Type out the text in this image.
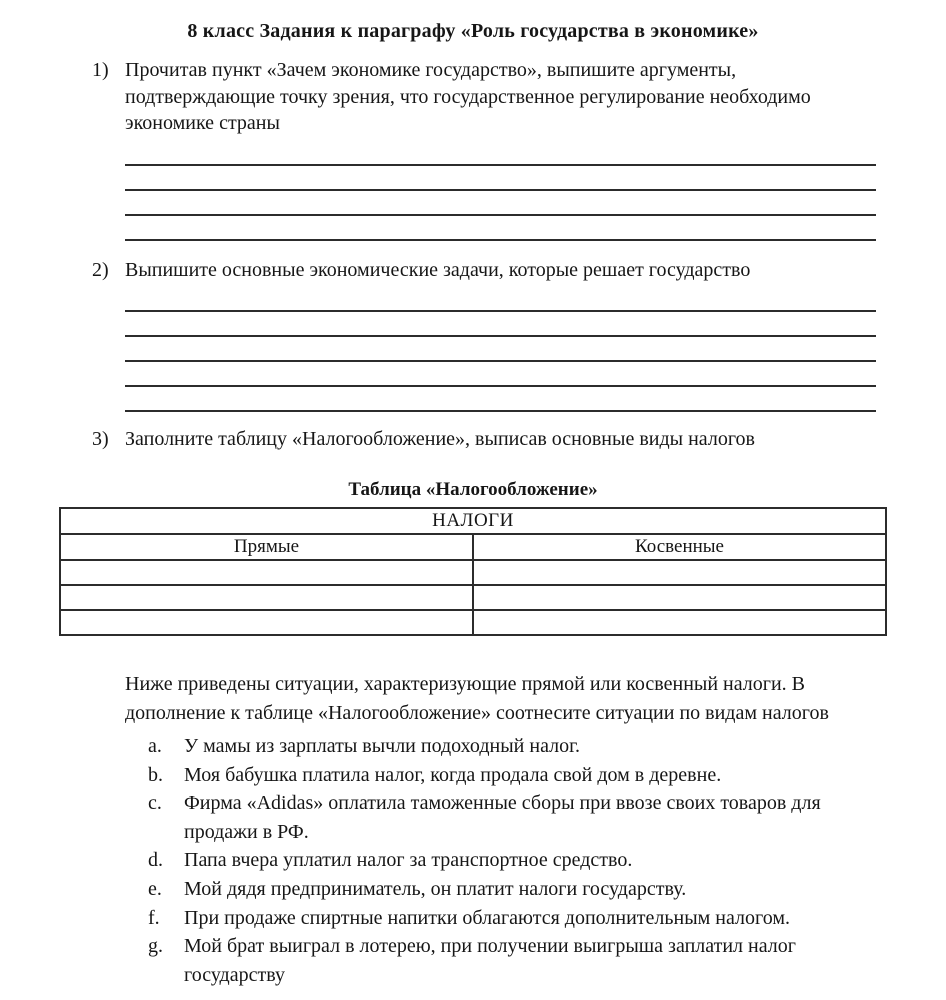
8 класс Задания к параграфу «Роль государства в экономике»
1) Прочитав пункт «Зачем экономике государство», выпишите аргументы, подтверждающие точку зрения, что государственное регулирование необходимо экономике страны
2) Выпишите основные экономические задачи, которые решает государство
3) Заполните таблицу «Налогообложение», выписав основные виды налогов
Таблица «Налогообложение»
НАЛОГИ	
Прямые	Косвенные

Ниже приведены ситуации, характеризующие прямой или косвенный налоги. В дополнение к таблице «Налогообложение» соотнесите ситуации по видам налогов

a.	У мамы из зарплаты вычли подоходный налог.
b.	Моя бабушка платила налог, когда продала свой дом в деревне.
c.	Фирма «Adidas» оплатила таможенные сборы при ввозе своих товаров для продажи в РФ.
d.	Папа вчера уплатил налог за транспортное средство.
e.	Мой дядя предприниматель, он платит налоги государству.
f.	При продаже спиртные напитки облагаются дополнительным налогом.
g.	Мой брат выиграл в лотерею, при получении выигрыша заплатил налог государству
